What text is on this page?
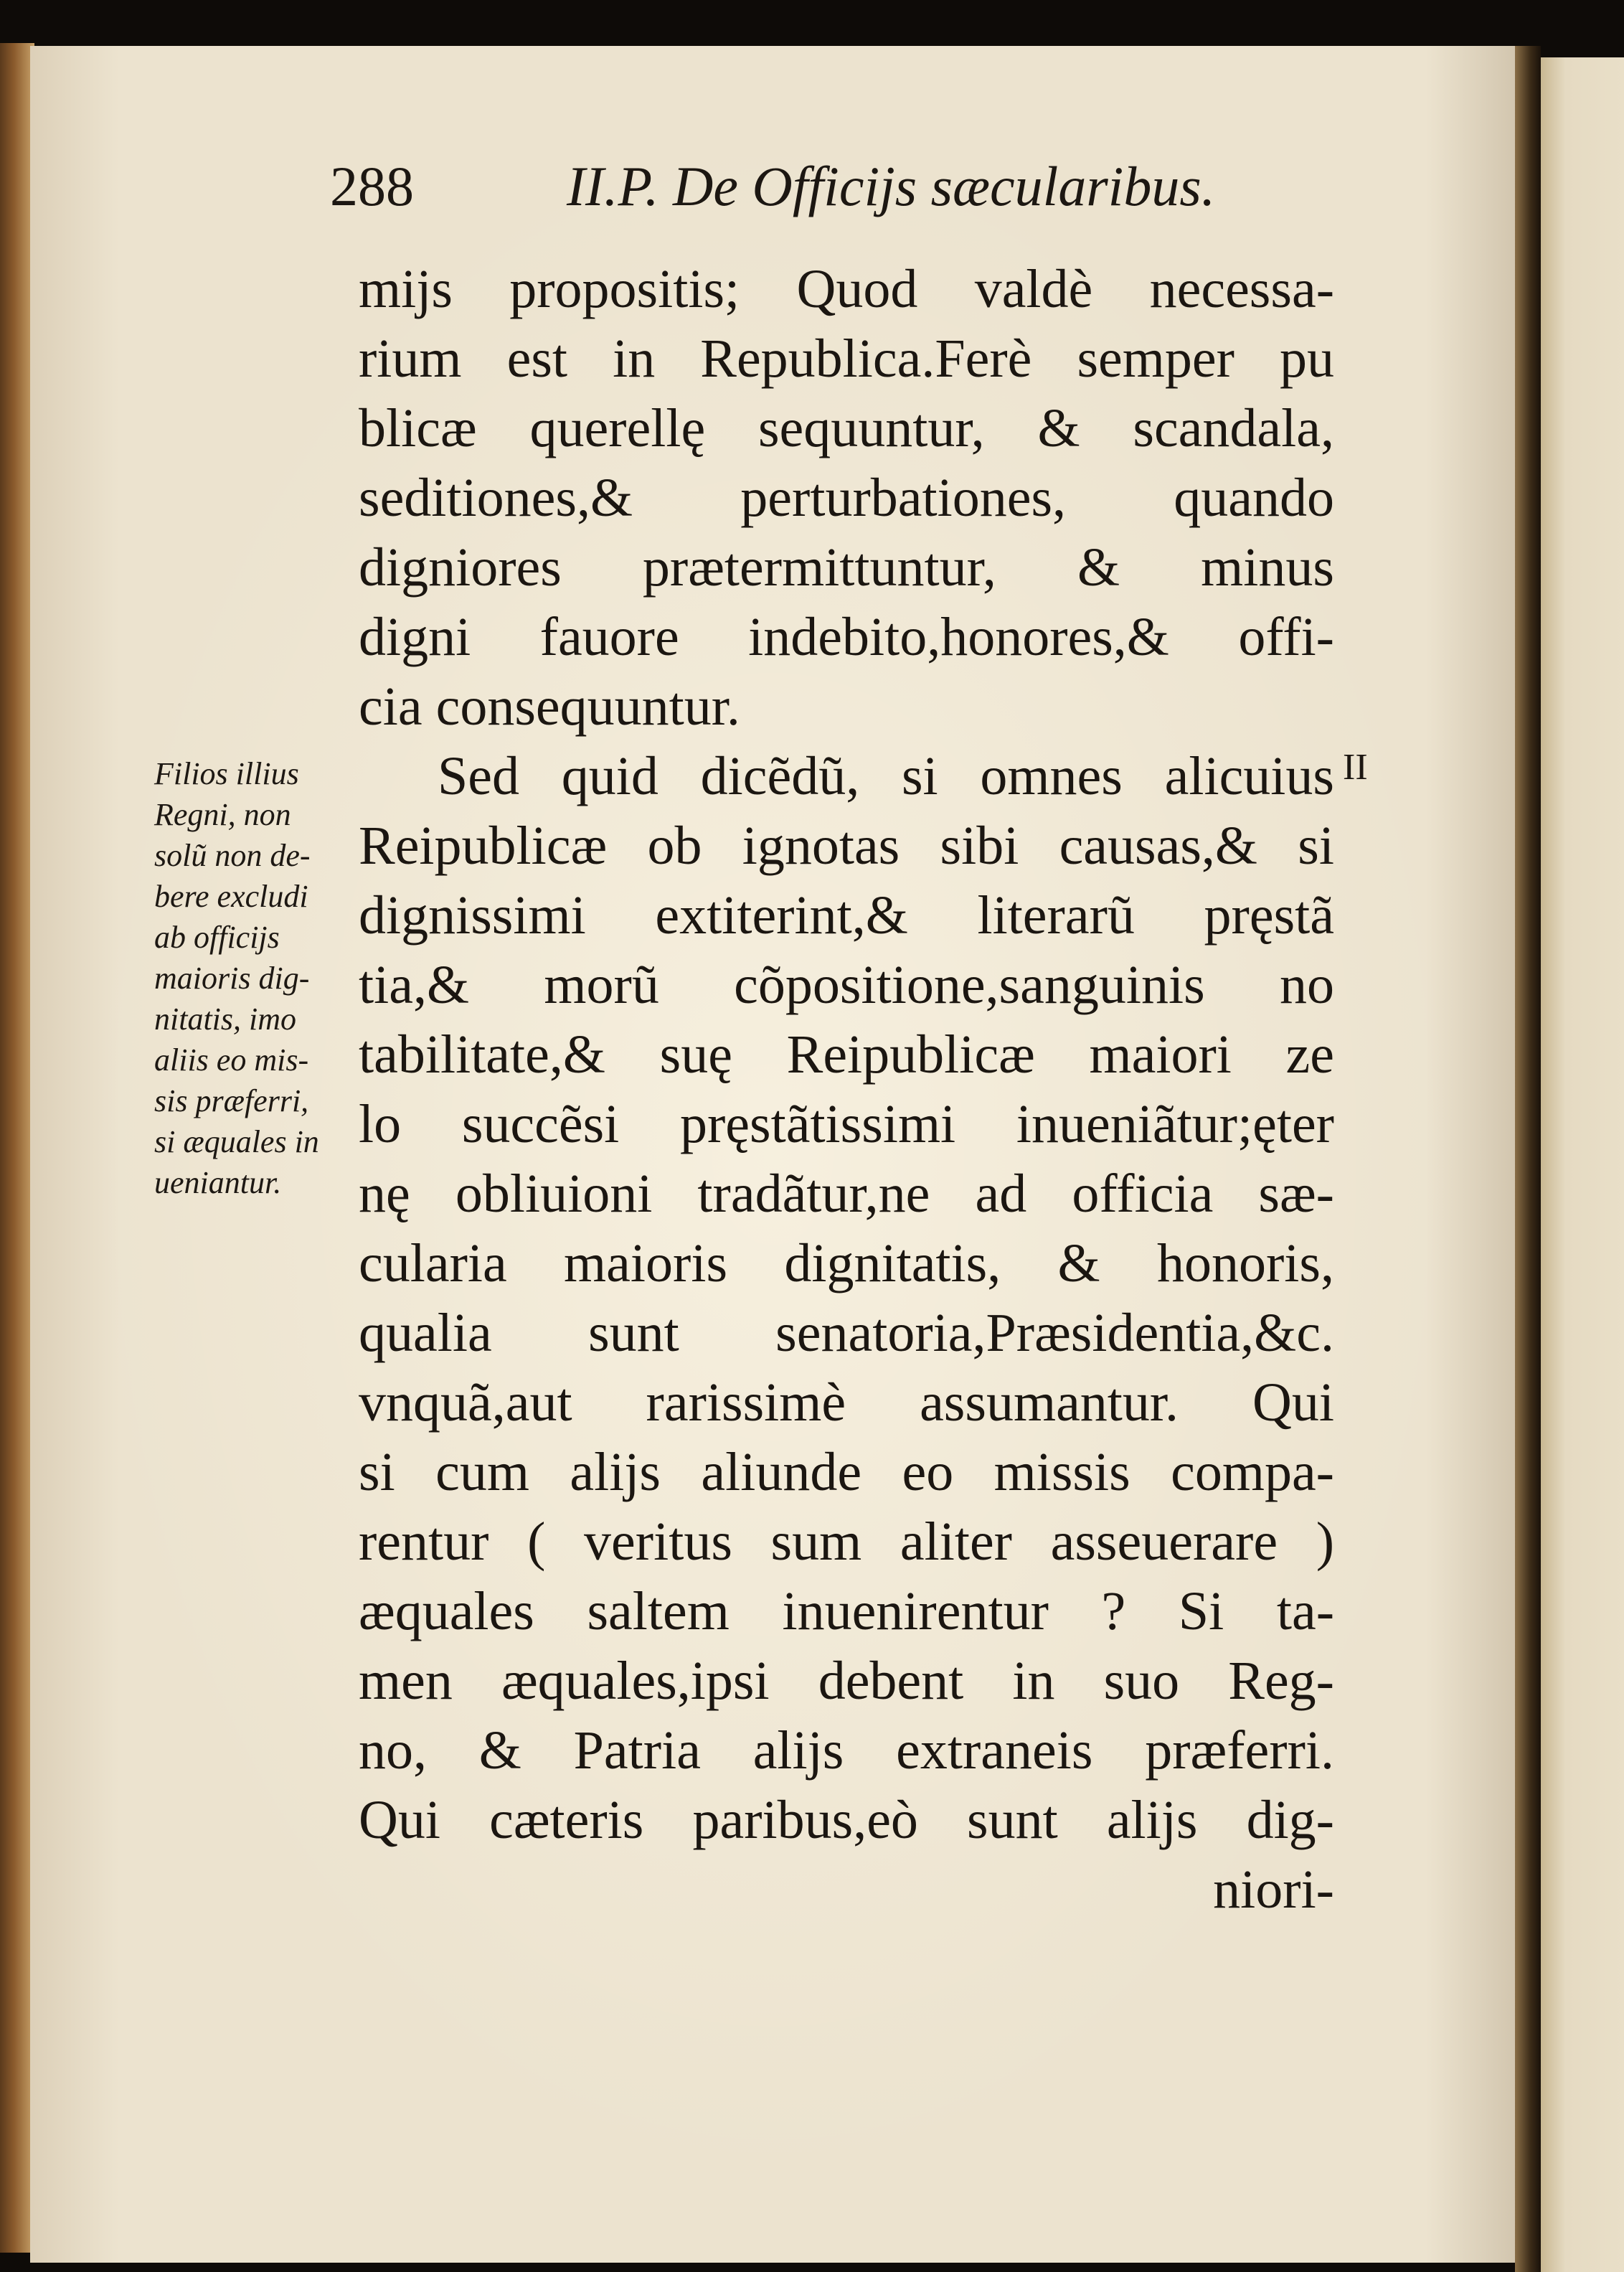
288	II.P. De Officijs sæcularibus.
II
Filios illius
Regni, non
solũ non de-
bere excludi
ab officijs
maioris dig-
nitatis, imo
aliis eo mis-
sis præferri,
si æquales in
ueniantur.
mijs propositis; Quod valdè necessa-
rium est in Republica.Ferè semper pu
blicæ querellę sequuntur, & scandala,
seditiones,& perturbationes, quando
digniores prætermittuntur, & minus
digni fauore indebito,honores,& offi-
cia consequuntur.
Sed quid dicẽdũ, si omnes alicuius
Reipublicæ ob ignotas sibi causas,& si
dignissimi extiterint,& literarũ pręstã
tia,& morũ cõpositione,sanguinis no
tabilitate,& suę Reipublicæ maiori ze
lo succẽsi pręstãtissimi inueniãtur;ęter
nę obliuioni tradãtur,ne ad officia sæ-
cularia maioris dignitatis, & honoris,
qualia sunt senatoria,Præsidentia,&c.
vnquã,aut rarissimè assumantur. Qui
si cum alijs aliunde eo missis compa-
rentur ( veritus sum aliter asseuerare )
æquales saltem inuenirentur ? Si ta-
men æquales,ipsi debent in suo Reg-
no, & Patria alijs extraneis præferri.
Qui cæteris paribus,eò sunt alijs dig-
niori-
